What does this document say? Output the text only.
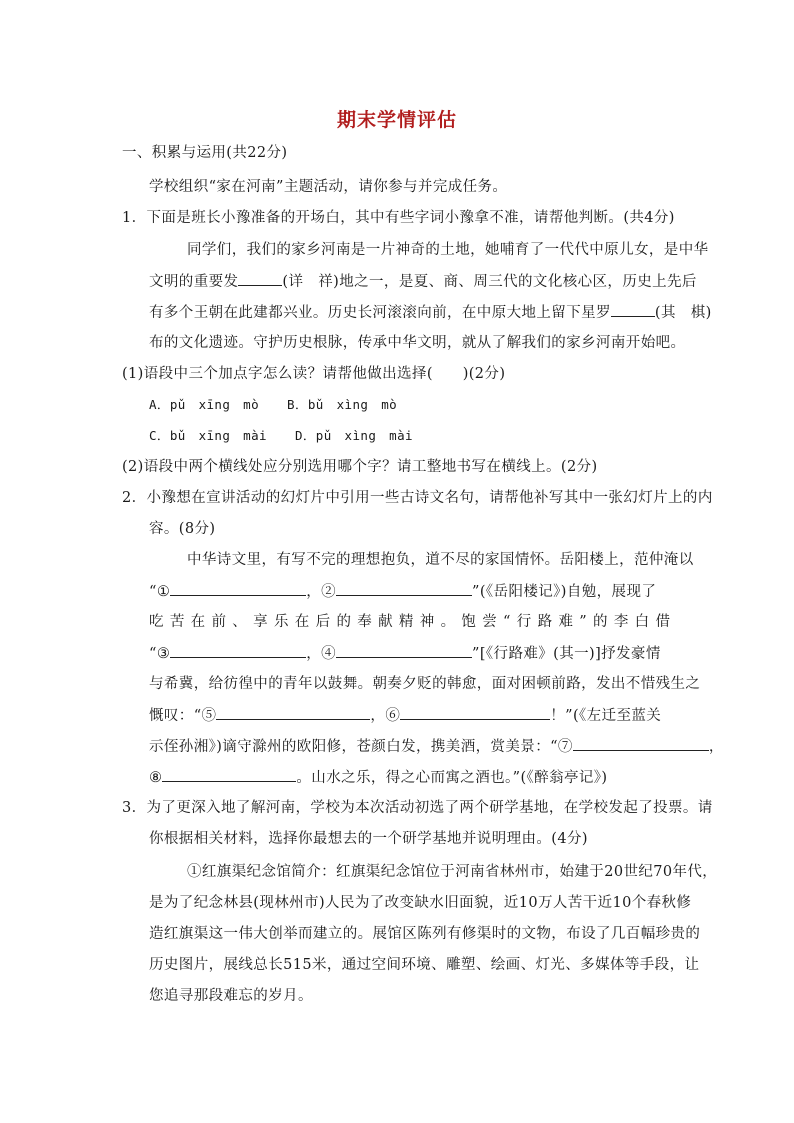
期末学情评估

一、积累与运用(共22分)

学校组织“家在河南”主题活动，请你参与并完成任务。

1．下面是班长小豫准备的开场白，其中有些字词小豫拿不准，请帮他判断。(共4分)

同学们，我们的家乡河南是一片神奇的土地，她哺育了一代代中原儿女，是中华

文明的重要发	(详　祥)地之一，是夏、商、周三代的文化核心区，历史上先后

有多个王朝在此建都兴业。历史长河滚滚向前，在中原大地上留下星罗	(其　棋)

布的文化遗迹。守护历史根脉，传承中华文明，就从了解我们的家乡河南开始吧。

(1)语段中三个加点字怎么读？请帮他做出选择(　　)(2分)

A．pǔ　xīng　mò B．bǔ　xìng　mò

C．bǔ　xīng　mài D．pǔ　xìng　mài

(2)语段中两个横线处应分别选用哪个字？请工整地书写在横线上。(2分)

2．小豫想在宣讲活动的幻灯片中引用一些古诗文名句，请帮他补写其中一张幻灯片上的内

容。(8分)

中华诗文里，有写不完的理想抱负，道不尽的家国情怀。岳阳楼上，范仲淹以

“①	，②	”(《岳阳楼记》)自勉，展现了

吃苦在前、享乐在后的奉献精神。饱尝“行路难”的李白借

“③	，④	”[《行路难》(其一)]抒发豪情

与希冀，给彷徨中的青年以鼓舞。朝奏夕贬的韩愈，面对困顿前路，发出不惜残生之

慨叹：“⑤	，⑥	！”(《左迁至蓝关

示侄孙湘》)谪守滁州的欧阳修，苍颜白发，携美酒，赏美景：“⑦	，

⑧	。山水之乐，得之心而寓之酒也。”(《醉翁亭记》)

3．为了更深入地了解河南，学校为本次活动初选了两个研学基地，在学校发起了投票。请

你根据相关材料，选择你最想去的一个研学基地并说明理由。(4分)

①红旗渠纪念馆简介：红旗渠纪念馆位于河南省林州市，始建于20世纪70年代，

是为了纪念林县(现林州市)人民为了改变缺水旧面貌，近10万人苦干近10个春秋修

造红旗渠这一伟大创举而建立的。展馆区陈列有修渠时的文物，布设了几百幅珍贵的

历史图片，展线总长515米，通过空间环境、雕塑、绘画、灯光、多媒体等手段，让

您追寻那段难忘的岁月。
